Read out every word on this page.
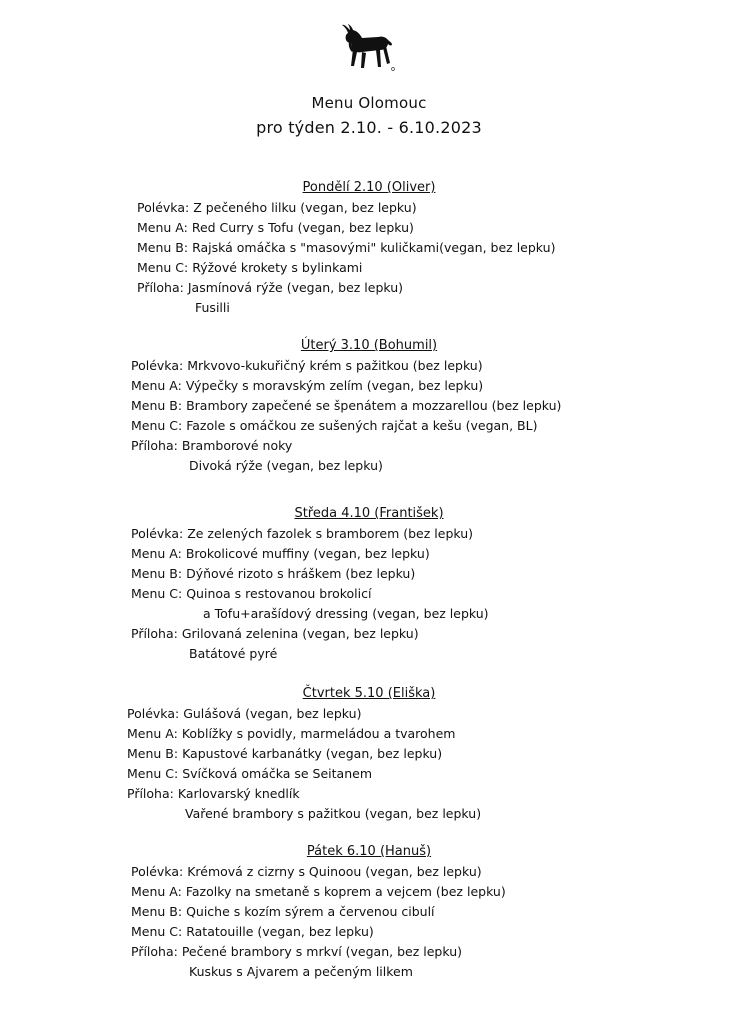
Menu Olomouc
pro týden 2.10. - 6.10.2023
Pondělí 2.10 (Oliver)
Polévka: Z pečeného lilku (vegan, bez lepku)
Menu A: Red Curry s Tofu (vegan, bez lepku)
Menu B: Rajská omáčka s "masovými" kuličkami(vegan, bez lepku)
Menu C: Rýžové krokety s bylinkami
Příloha: Jasmínová rýže (vegan, bez lepku)
Fusilli
Úterý 3.10 (Bohumil)
Polévka: Mrkvovo-kukuřičný krém s pažitkou (bez lepku)
Menu A: Výpečky s moravským zelím (vegan, bez lepku)
Menu B: Brambory zapečené se špenátem a mozzarellou (bez lepku)
Menu C: Fazole s omáčkou ze sušených rajčat a kešu (vegan, BL)
Příloha: Bramborové noky
Divoká rýže (vegan, bez lepku)
Středa 4.10 (František)
Polévka: Ze zelených fazolek s bramborem (bez lepku)
Menu A: Brokolicové muffiny (vegan, bez lepku)
Menu B: Dýňové rizoto s hráškem (bez lepku)
Menu C: Quinoa s restovanou brokolicí
a Tofu+arašídový dressing (vegan, bez lepku)
Příloha: Grilovaná zelenina (vegan, bez lepku)
Batátové pyré
Čtvrtek 5.10 (Eliška)
Polévka: Gulášová (vegan, bez lepku)
Menu A: Koblížky s povidly, marmeládou a tvarohem
Menu B: Kapustové karbanátky (vegan, bez lepku)
Menu C: Svíčková omáčka se Seitanem
Příloha: Karlovarský knedlík
Vařené brambory s pažitkou (vegan, bez lepku)
Pátek 6.10 (Hanuš)
Polévka: Krémová z cizrny s Quinoou (vegan, bez lepku)
Menu A: Fazolky na smetaně s koprem a vejcem (bez lepku)
Menu B: Quiche s kozím sýrem a červenou cibulí
Menu C: Ratatouille (vegan, bez lepku)
Příloha: Pečené brambory s mrkví (vegan, bez lepku)
Kuskus s Ajvarem a pečeným lilkem
